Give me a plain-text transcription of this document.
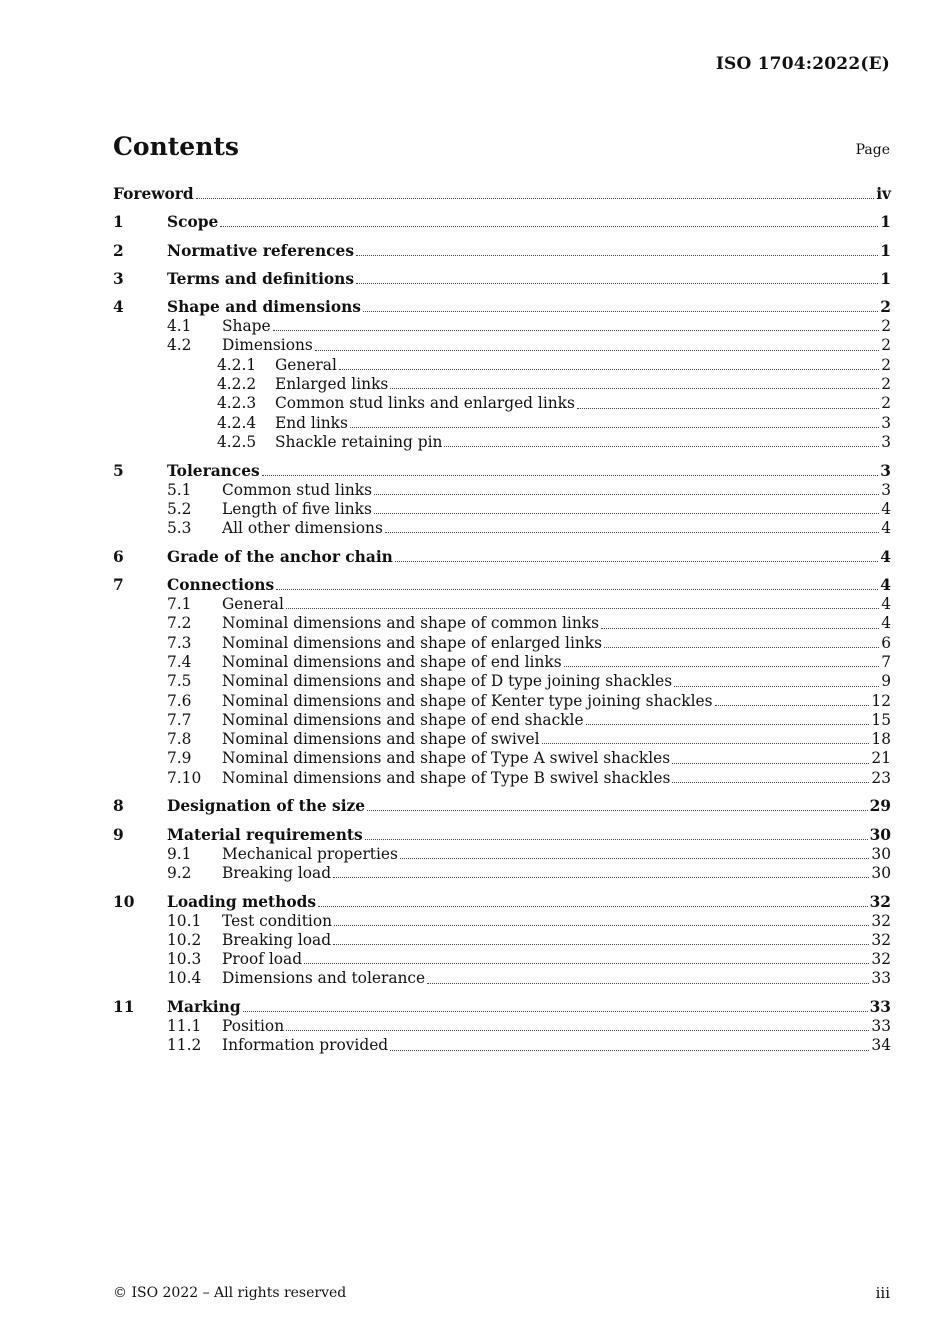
ISO 1704:2022(E)
Contents	Page
Foreword	iv
1	Scope	1
2	Normative references	1
3	Terms and definitions	1
4	Shape and dimensions	2
4.1	Shape	2
4.2	Dimensions	2
4.2.1	General	2
4.2.2	Enlarged links	2
4.2.3	Common stud links and enlarged links	2
4.2.4	End links	3
4.2.5	Shackle retaining pin	3
5	Tolerances	3
5.1	Common stud links	3
5.2	Length of five links	4
5.3	All other dimensions	4
6	Grade of the anchor chain	4
7	Connections	4
7.1	General	4
7.2	Nominal dimensions and shape of common links	4
7.3	Nominal dimensions and shape of enlarged links	6
7.4	Nominal dimensions and shape of end links	7
7.5	Nominal dimensions and shape of D type joining shackles	9
7.6	Nominal dimensions and shape of Kenter type joining shackles	12
7.7	Nominal dimensions and shape of end shackle	15
7.8	Nominal dimensions and shape of swivel	18
7.9	Nominal dimensions and shape of Type A swivel shackles	21
7.10	Nominal dimensions and shape of Type B swivel shackles	23
8	Designation of the size	29
9	Material requirements	30
9.1	Mechanical properties	30
9.2	Breaking load	30
10	Loading methods	32
10.1	Test condition	32
10.2	Breaking load	32
10.3	Proof load	32
10.4	Dimensions and tolerance	33
11	Marking	33
11.1	Position	33
11.2	Information provided	34
© ISO 2022 – All rights reserved	iii
